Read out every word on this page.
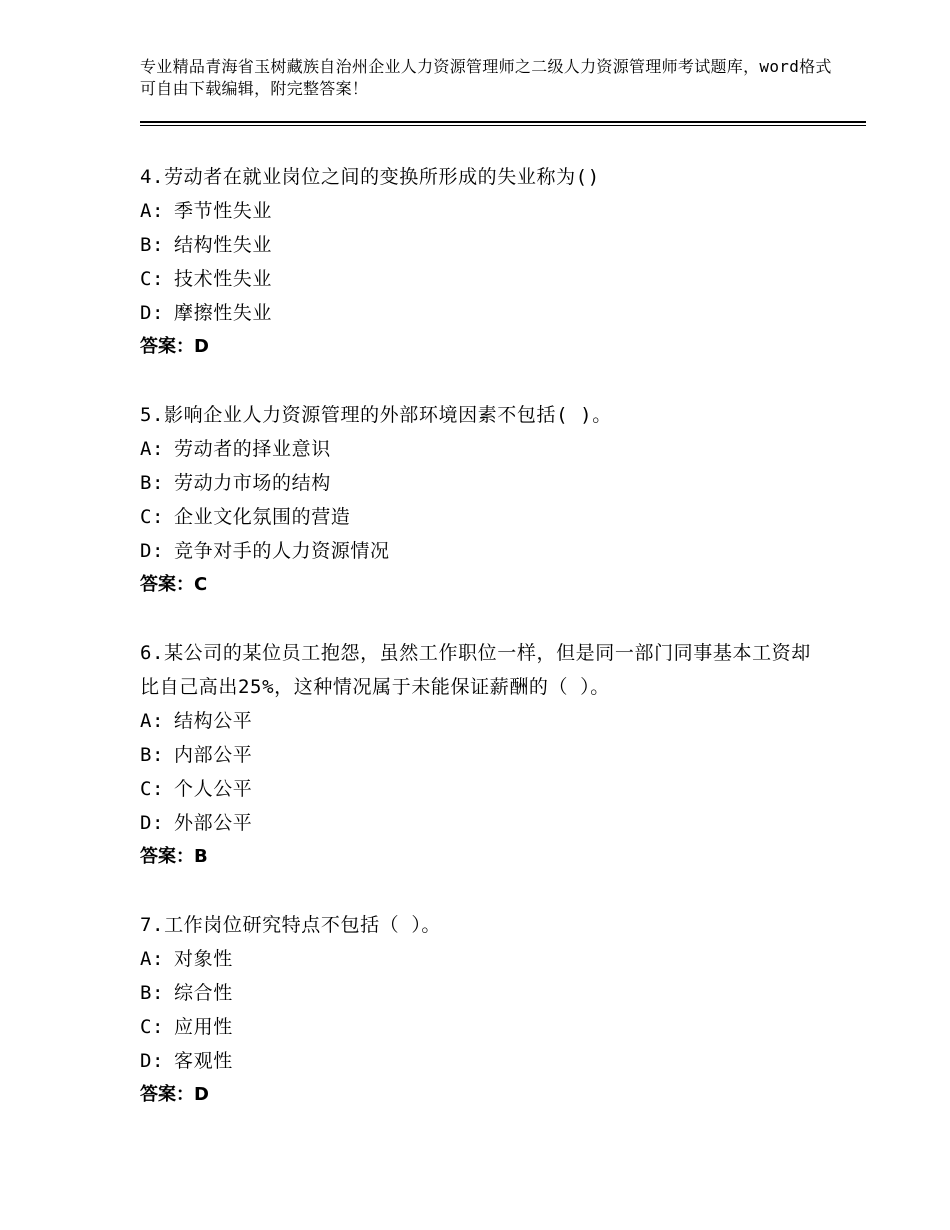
专业精品青海省玉树藏族自治州企业人力资源管理师之二级人力资源管理师考试题库，word格式可自由下载编辑，附完整答案！
4.劳动者在就业岗位之间的变换所形成的失业称为()
A: 季节性失业
B: 结构性失业
C: 技术性失业
D: 摩擦性失业
答案：D
5.影响企业人力资源管理的外部环境因素不包括( )。
A: 劳动者的择业意识
B: 劳动力市场的结构
C: 企业文化氛围的营造
D: 竞争对手的人力资源情况
答案：C
6.某公司的某位员工抱怨，虽然工作职位一样，但是同一部门同事基本工资却比自己高出25%，这种情况属于未能保证薪酬的（ ）。
A: 结构公平
B: 内部公平
C: 个人公平
D: 外部公平
答案：B
7.工作岗位研究特点不包括（ ）。
A: 对象性
B: 综合性
C: 应用性
D: 客观性
答案：D
